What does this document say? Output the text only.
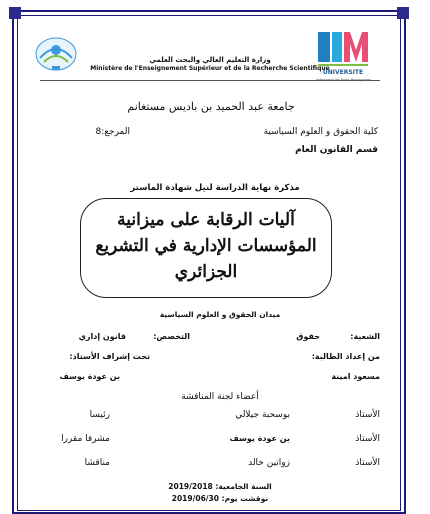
UNIVERSITE
وزارة التعليم العالي والبحث العلمي
Ministère de l'Enseignement Supérieur et de la Recherche Scientifique
جامعة عبد الحميد بن باديس مستغانم
كلية الحقوق و العلوم السياسية
المرجع:8
قسم القانون العام
مذكرة نهاية الدراسة لنيل شهادة الماستر
آليات الرقابة على ميزانية
المؤسسات الإدارية في التشريع
الجزائري
ميدان الحقوق و العلوم السياسية
الشعبة:
حقوق
التخصص:
قانون إداري
من إعداد الطالبة:
تحت إشراف الأستاذ:
مسعود امينة
بن عودة يوسف
أعضاء لجنة المناقشة
الأستاذ
بوسحبة جيلالي
رئيسا
الأستاذ
بن عودة يوسف
مشرفا مقررا
الأستاذ
زواتين خالد
مناقشا
السنة الجامعية: 2019/2018
نوقشت يوم: 2019/06/30
